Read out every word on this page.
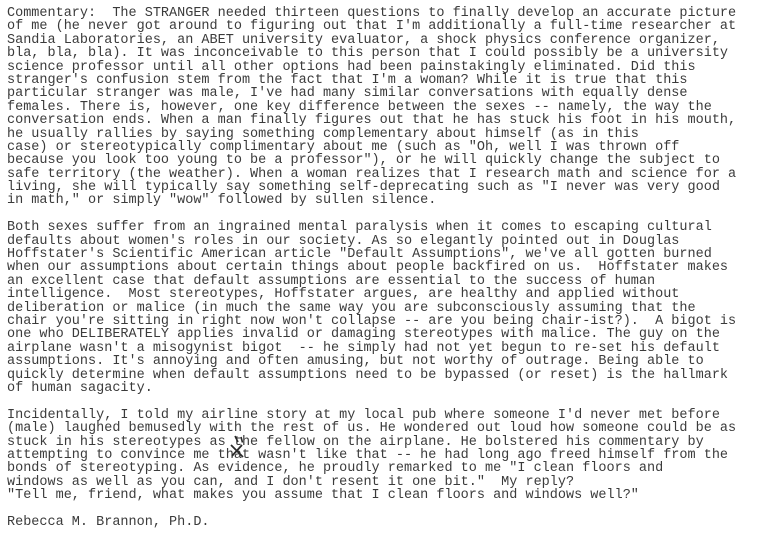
Commentary:  The STRANGER needed thirteen questions to finally develop an accurate picture
of me (he never got around to figuring out that I'm additionally a full-time researcher at
Sandia Laboratories, an ABET university evaluator, a shock physics conference organizer,
bla, bla, bla). It was inconceivable to this person that I could possibly be a university
science professor until all other options had been painstakingly eliminated. Did this
stranger's confusion stem from the fact that I'm a woman? While it is true that this
particular stranger was male, I've had many similar conversations with equally dense
females. There is, however, one key difference between the sexes -- namely, the way the
conversation ends. When a man finally figures out that he has stuck his foot in his mouth,
he usually rallies by saying something complementary about himself (as in this
case) or stereotypically complimentary about me (such as "Oh, well I was thrown off
because you look too young to be a professor"), or he will quickly change the subject to
safe territory (the weather). When a woman realizes that I research math and science for a
living, she will typically say something self-deprecating such as "I never was very good
in math," or simply "wow" followed by sullen silence.
Both sexes suffer from an ingrained mental paralysis when it comes to escaping cultural
defaults about women's roles in our society. As so elegantly pointed out in Douglas
Hoffstater's Scientific American article "Default Assumptions", we've all gotten burned
when our assumptions about certain things about people backfired on us.  Hoffstater makes
an excellent case that default assumptions are essential to the success of human
intelligence.  Most stereotypes, Hoffstater argues, are healthy and applied without
deliberation or malice (in much the same way you are subconsciously assuming that the
chair you're sitting in right now won't collapse -- are you being chair-ist?).  A bigot is
one who DELIBERATELY applies invalid or damaging stereotypes with malice. The guy on the
airplane wasn't a misogynist bigot  -- he simply had not yet begun to re-set his default
assumptions. It's annoying and often amusing, but not worthy of outrage. Being able to
quickly determine when default assumptions need to be bypassed (or reset) is the hallmark
of human sagacity.
Incidentally, I told my airline story at my local pub where someone I'd never met before
(male) laughed bemusedly with the rest of us. He wondered out loud how someone could be as
stuck in his stereotypes as the fellow on the airplane. He bolstered his commentary by
attempting to convince me that wasn't like that -- he had long ago freed himself from the
bonds of stereotyping. As evidence, he proudly remarked to me "I clean floors and
windows as well as you can, and I don't resent it one bit."  My reply?
"Tell me, friend, what makes you assume that I clean floors and windows well?"
Rebecca M. Brannon, Ph.D.
